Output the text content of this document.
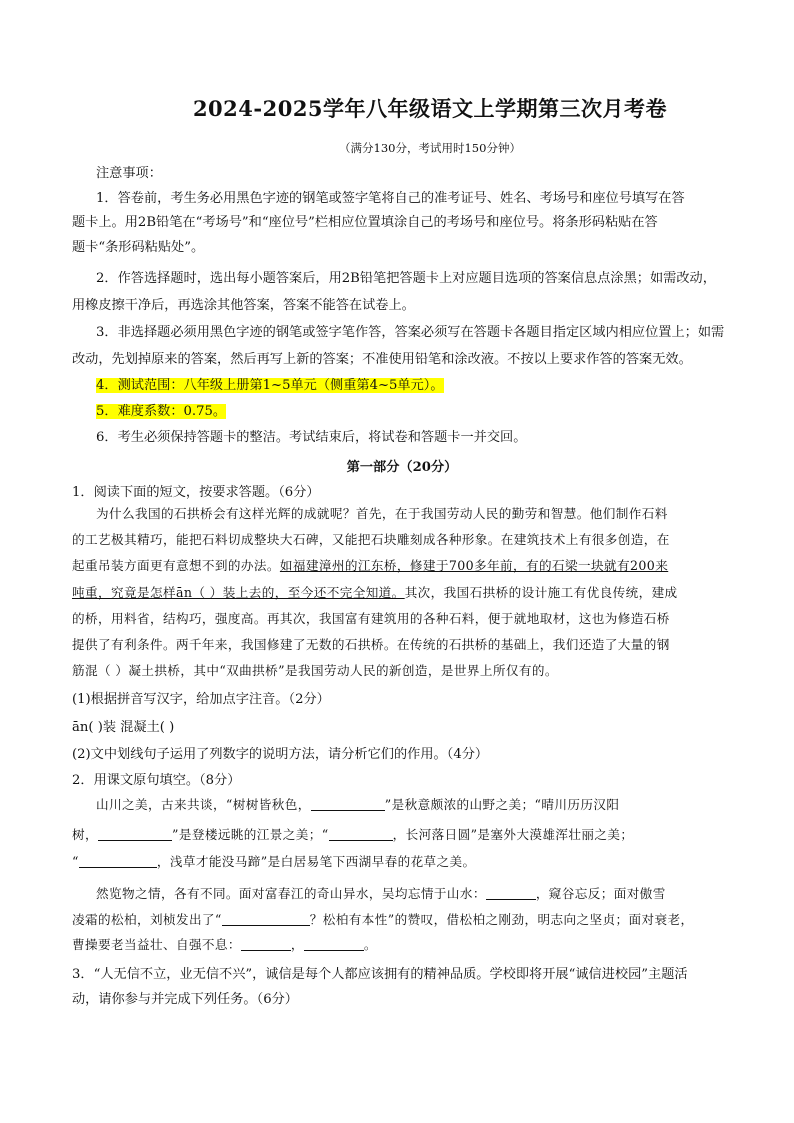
2024-2025学年八年级语文上学期第三次月考卷
（满分130分，考试用时150分钟）
注意事项：
1．答卷前，考生务必用黑色字迹的钢笔或签字笔将自己的准考证号、姓名、考场号和座位号填写在答
题卡上。用2B铅笔在“考场号”和“座位号”栏相应位置填涂自己的考场号和座位号。将条形码粘贴在答
题卡“条形码粘贴处”。
2．作答选择题时，选出每小题答案后，用2B铅笔把答题卡上对应题目选项的答案信息点涂黑；如需改动，
用橡皮擦干净后，再选涂其他答案，答案不能答在试卷上。
3．非选择题必须用黑色字迹的钢笔或签字笔作答，答案必须写在答题卡各题目指定区域内相应位置上；如需
改动，先划掉原来的答案，然后再写上新的答案；不准使用铅笔和涂改液。不按以上要求作答的答案无效。
4．测试范围：八年级上册第1~5单元（侧重第4~5单元）。
5．难度系数：0.75。
6．考生必须保持答题卡的整洁。考试结束后，将试卷和答题卡一并交回。
第一部分（20分）
1．阅读下面的短文，按要求答题。（6分）
为什么我国的石拱桥会有这样光辉的成就呢？首先，在于我国劳动人民的勤劳和智慧。他们制作石料
的工艺极其精巧，能把石料切成整块大石碑，又能把石块雕刻成各种形象。在建筑技术上有很多创造，在
起重吊装方面更有意想不到的办法。如福建漳州的江东桥，修建于700多年前，有的石梁一块就有200来
吨重，究竟是怎样ān（ ）装上去的，至今还不完全知道。其次，我国石拱桥的设计施工有优良传统，建成
的桥，用料省，结构巧，强度高。再其次，我国富有建筑用的各种石料，便于就地取材，这也为修造石桥
提供了有利条件。两千年来，我国修建了无数的石拱桥。在传统的石拱桥的基础上，我们还造了大量的钢
筋混（ ）凝土拱桥，其中“双曲拱桥”是我国劳动人民的新创造，是世界上所仅有的。
(1)根据拼音写汉字，给加点字注音。（2分）
ān( )装 混凝土( )
(2)文中划线句子运用了列数字的说明方法，请分析它们的作用。（4分）
2．用课文原句填空。（8分）
山川之美，古来共谈，“树树皆秋色，	”是秋意颇浓的山野之美；“晴川历历汉阳
树，	”是登楼远眺的江景之美；“	，长河落日圆”是塞外大漠雄浑壮丽之美；
“	，浅草才能没马蹄”是白居易笔下西湖早春的花草之美。
然览物之情，各有不同。面对富春江的奇山异水，吴均忘情于山水：	，窥谷忘反；面对傲雪
凌霜的松柏，刘桢发出了“	？松柏有本性”的赞叹，借松柏之刚劲，明志向之坚贞；面对衰老，
曹操要老当益壮、自强不息：	，	。
3．“人无信不立，业无信不兴”，诚信是每个人都应该拥有的精神品质。学校即将开展“诚信进校园”主题活
动，请你参与并完成下列任务。（6分）
